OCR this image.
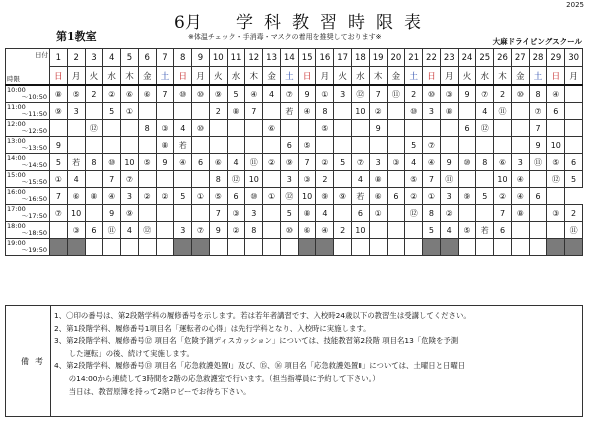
2025
6月 学科教習時限表
第1教室	※体温チェック・手消毒・マスクの着用を推奨しております※	大麻ドライビングスクール
日付
時限	1	2	3	4	5	6	7	8	9	10	11	12	13	14	15	16	17	18	19	20	21	22	23	24	25	26	27	28	29	30
	日	月	火	水	木	金	土	日	月	火	水	木	金	土	日	月	火	水	木	金	土	日	月	火	水	木	金	土	日	月

10:00
～10:50	⑧	⑤	2	②	⑥	⑥	7	⑩	⑩	⑨	5	④	4	⑦	9	①	3	⑫	7	⑪	2	⑩	③	9	⑦	2	⑩	8	④	

11:00
～11:50	⑨	3		5	①					2	⑧	7		若	④	8		10	②		⑩	3	⑧		4	⑪		⑦	6	

12:00
～12:50			⑫			8	③	4	⑩				⑥			⑤			9					6	⑫			7		

13:00
～13:50	9						⑧	若						6	⑤						5	⑦						9	10	

14:00
～14:50	5	若	8	⑩	10	⑤	9	④	6	⑥	4	⑪	②	⑨	7	②	5	⑦	3	③	4	④	9	⑩	8	⑥	3	⑪	⑤	6

15:00
～15:50	①	4		7	⑦					8	⑫	10		3	③	2		4	⑧		⑤	7	⑪			10	④		⑫	5

16:00
～16:50	7	⑥	⑧	④	3	②	②	5	①	⑤	6	⑩	①	⑫	10	⑨	⑨	若	⑥	6	②	①	3	⑨	5	②	④	6		

17:00
～17:50	⑦	10		9	⑨					7	③	3		5	⑧	4		6	①		⑫	8	②			7	⑧		③	2

18:00
～18:50		③	6	⑪	4	⑫		3	⑦	9	②	8		⑩	⑥	④	2	10				5	4	⑤	若	6				⑪

19:00
～19:50																														

備考
1、〇印の番号は、第2段階学科の履修番号を示します。若は若年者講習です、入校時24歳以下の教習生は受講してください。
2、第1段階学科、履修番号1項目名「運転者の心得」は先行学科となり、入校時に実施します。
3、第2段階学科、履修番号⑫ 項目名「危険予測ディスカッション」については、技能教習第2段階 項目名13「危険を予測
　　した運転」の後、続けて実施します。
4、第2段階学科、履修番号⑬ 項目名「応急救護処置Ⅰ」及び、⑮、⑯ 項目名「応急救護処置Ⅱ」については、土曜日と日曜日
　　の14:00から連続して3時間を2階の応急救護室で行います。（担当指導員に予約して下さい。）
　　当日は、教習原簿を持って2階ロビーでお待ち下さい。
